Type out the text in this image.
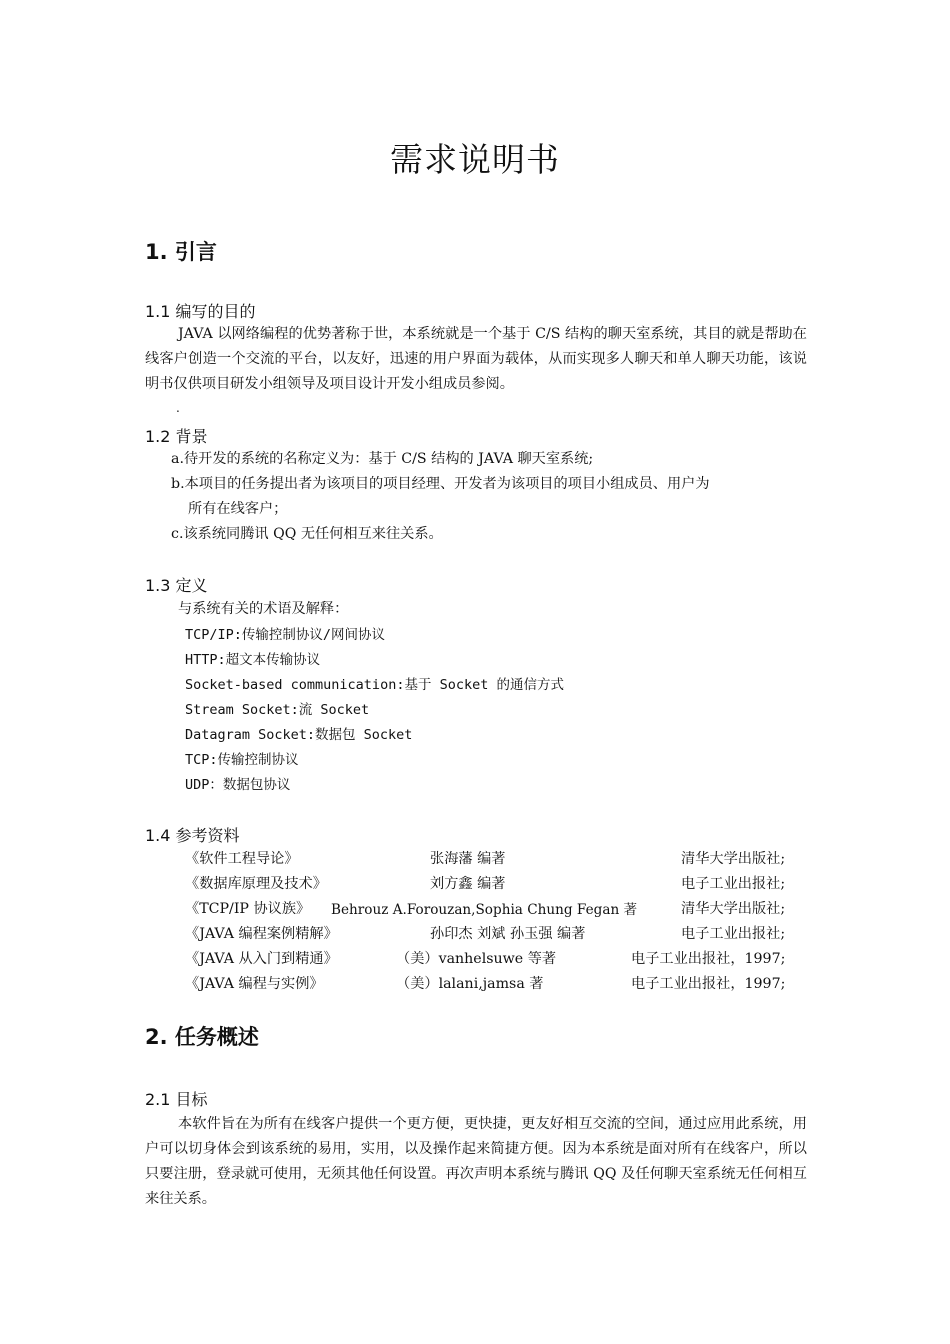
需求说明书
1. 引言
1.1 编写的目的
JAVA 以网络编程的优势著称于世，本系统就是一个基于 C/S 结构的聊天室系统，其目的就是帮助在线客户创造一个交流的平台，以友好，迅速的用户界面为载体，从而实现多人聊天和单人聊天功能，该说明书仅供项目研发小组领导及项目设计开发小组成员参阅。
.
1.2 背景
a.待开发的系统的名称定义为：基于 C/S 结构的 JAVA 聊天室系统;
b.本项目的任务提出者为该项目的项目经理、开发者为该项目的项目小组成员、用户为
所有在线客户；
c.该系统同腾讯 QQ 无任何相互来往关系。
1.3 定义
与系统有关的术语及解释：
TCP/IP:传输控制协议/网间协议
HTTP:超文本传输协议
Socket-based communication:基于 Socket 的通信方式
Stream Socket:流 Socket
Datagram Socket:数据包 Socket
TCP:传输控制协议
UDP：数据包协议
1.4 参考资料
《软件工程导论》	张海藩 编著	清华大学出版社;
《数据库原理及技术》	刘方鑫 编著	电子工业出报社;
《TCP/IP 协议族》 Behrouz A.Forouzan,Sophia Chung Fegan 著	清华大学出版社;
《JAVA 编程案例精解》	孙印杰 刘斌 孙玉强 编著	电子工业出报社;
《JAVA 从入门到精通》	（美）vanhelsuwe 等著	电子工业出报社，1997;
《JAVA 编程与实例》	（美）lalani,jamsa 著	电子工业出报社，1997;
2. 任务概述
2.1 目标
本软件旨在为所有在线客户提供一个更方便，更快捷，更友好相互交流的空间，通过应用此系统，用户可以切身体会到该系统的易用，实用，以及操作起来简捷方便。因为本系统是面对所有在线客户，所以只要注册，登录就可使用，无须其他任何设置。再次声明本系统与腾讯 QQ 及任何聊天室系统无任何相互来往关系。
